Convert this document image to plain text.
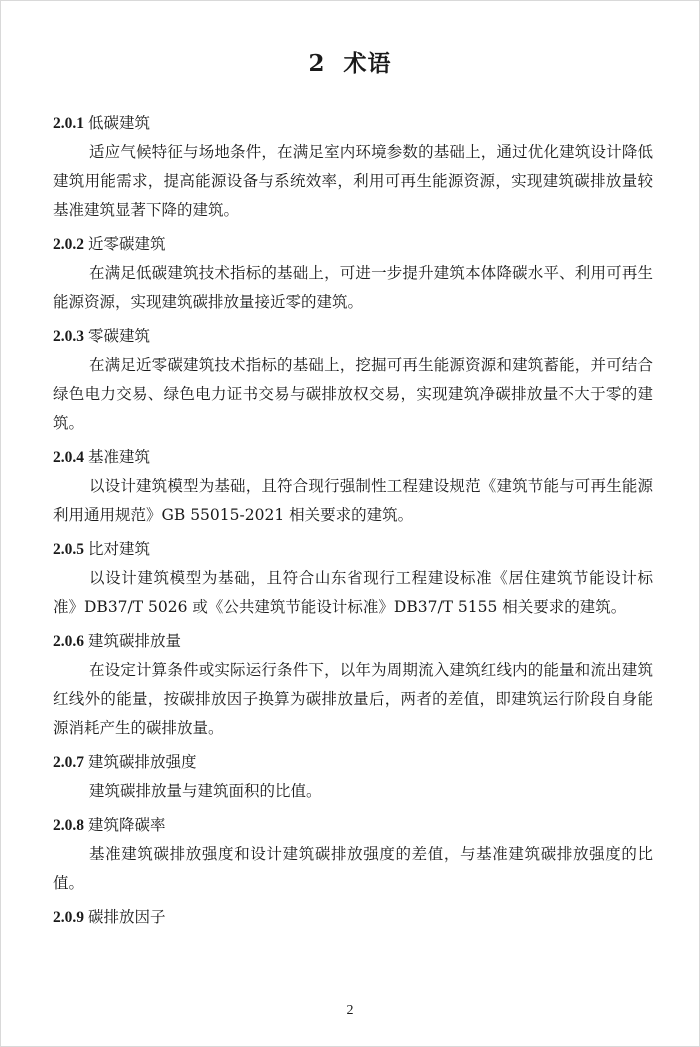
2 术语
2.0.1 低碳建筑

适应气候特征与场地条件，在满足室内环境参数的基础上，通过优化建筑设计降低建筑用能需求，提高能源设备与系统效率，利用可再生能源资源，实现建筑碳排放量较基准建筑显著下降的建筑。

2.0.2 近零碳建筑

在满足低碳建筑技术指标的基础上，可进一步提升建筑本体降碳水平、利用可再生能源资源，实现建筑碳排放量接近零的建筑。

2.0.3 零碳建筑

在满足近零碳建筑技术指标的基础上，挖掘可再生能源资源和建筑蓄能，并可结合绿色电力交易、绿色电力证书交易与碳排放权交易，实现建筑净碳排放量不大于零的建筑。

2.0.4 基准建筑

以设计建筑模型为基础，且符合现行强制性工程建设规范《建筑节能与可再生能源利用通用规范》GB 55015-2021 相关要求的建筑。

2.0.5 比对建筑

以设计建筑模型为基础，且符合山东省现行工程建设标准《居住建筑节能设计标准》DB37/T 5026 或《公共建筑节能设计标准》DB37/T 5155 相关要求的建筑。

2.0.6 建筑碳排放量

在设定计算条件或实际运行条件下，以年为周期流入建筑红线内的能量和流出建筑红线外的能量，按碳排放因子换算为碳排放量后，两者的差值，即建筑运行阶段自身能源消耗产生的碳排放量。

2.0.7 建筑碳排放强度

建筑碳排放量与建筑面积的比值。

2.0.8 建筑降碳率

基准建筑碳排放强度和设计建筑碳排放强度的差值，与基准建筑碳排放强度的比值。

2.0.9 碳排放因子
2
